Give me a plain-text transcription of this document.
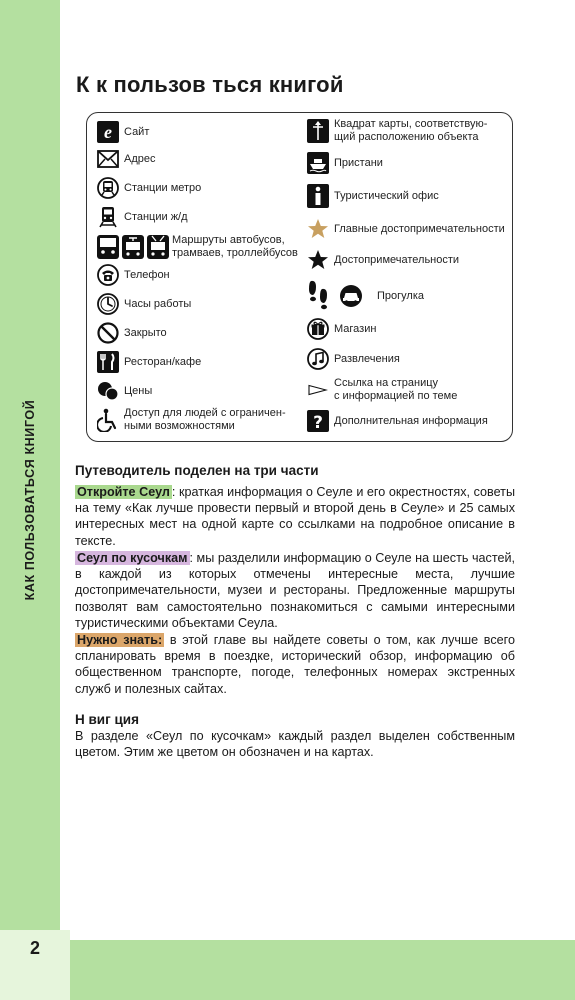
КАК ПОЛЬЗОВАТЬСЯ КНИГОЙ
2
К к пользов ться книгой
e Сайт
Адрес
Станции метро
Станции ж/д
Маршруты автобусов,
трамваев, троллейбусов
Телефон
Часы работы
Закрыто
Ресторан/кафе
Цены
Доступ для людей с ограничен-
ными возможностями
Квадрат карты, соответствую-
щий расположению объекта
Пристани
Туристический офис
Главные достопримечательности
Достопримечательности
Прогулка
Магазин
Развлечения
Ссылка на страницу
с информацией по теме
? Дополнительная информация
Путеводитель поделен на три части

Откройте Сеул : краткая информация о Сеуле и его окрестностях, советы на тему «Как лучше провести первый и второй день в Сеуле» и 25 самых интересных мест на одной карте со ссылками на подробное описание в тексте.

Сеул по кусочкам : мы разделили информацию о Сеуле на шесть частей, в каждой из которых отмечены интересные места, лучшие достопримечательности, музеи и рестораны. Предложенные маршруты позволят вам самостоятельно познакомиться с самыми интересными туристическими объектами Сеула.

Нужно знать: в этой главе вы найдете советы о том, как лучше всего спланировать время в поездке, исторический обзор, информацию об общественном транспорте, погоде, телефонных номерах экстренных служб и полезных сайтах.

Н виг ция

В разделе «Сеул по кусочкам» каждый раздел выделен собственным цветом. Этим же цветом он обозначен и на картах.
